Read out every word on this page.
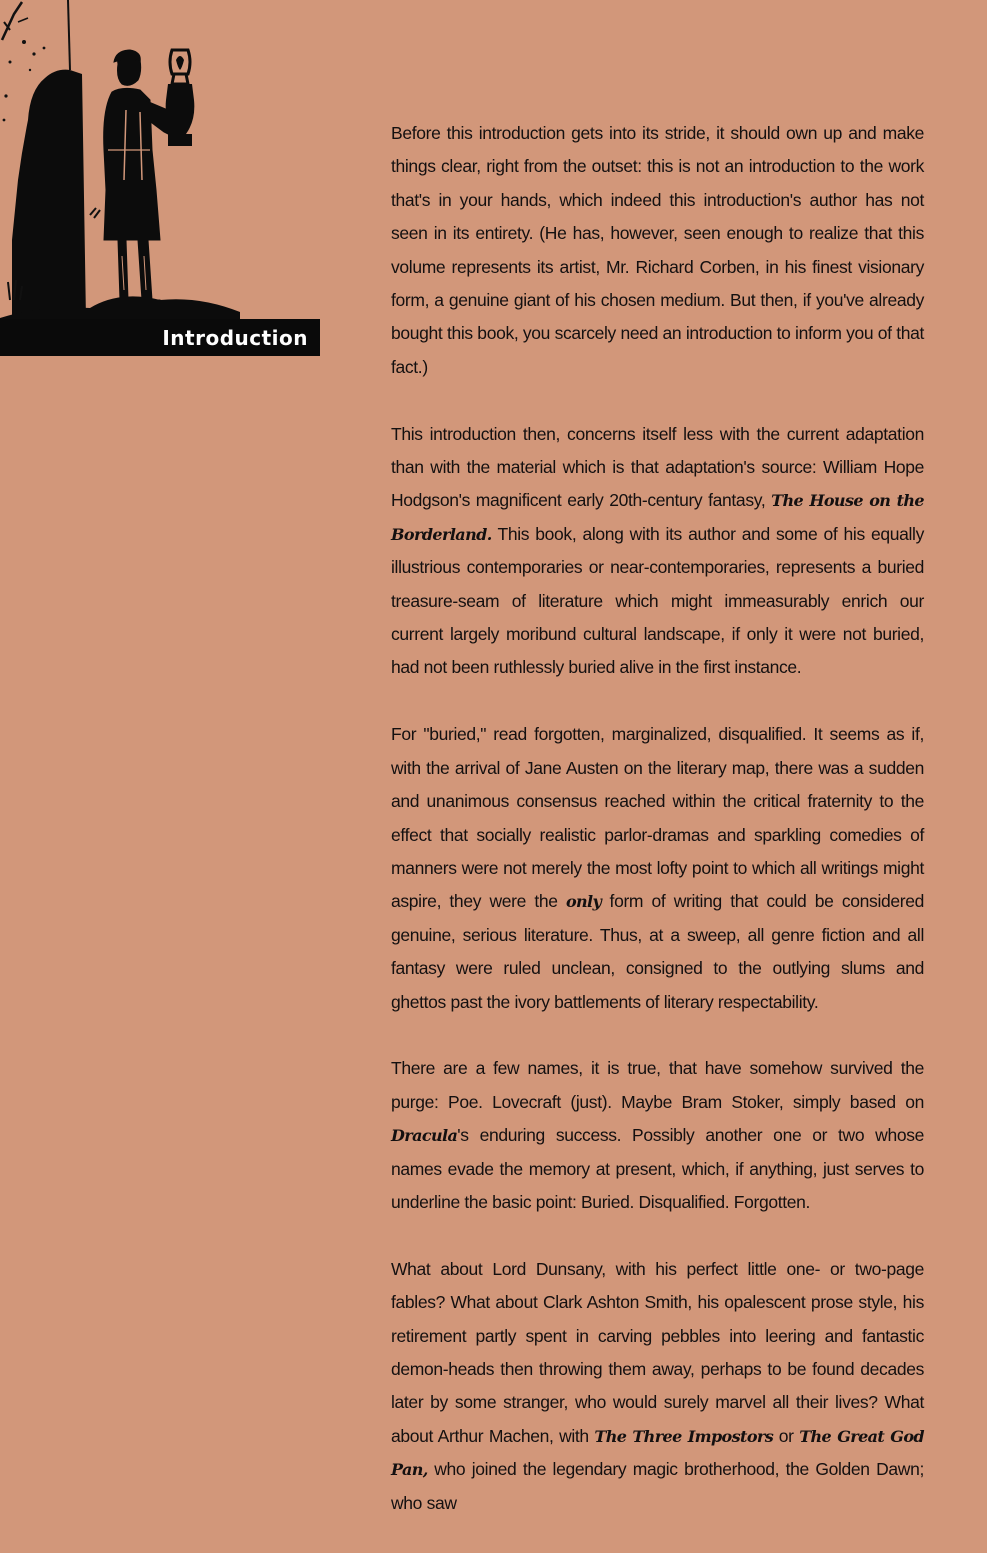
Introduction

Before this introduction gets into its stride, it should own up and make things clear, right from the outset: this is not an introduction to the work that's in your hands, which indeed this introduction's author has not seen in its entirety. (He has, however, seen enough to realize that this volume represents its artist, Mr. Richard Corben, in his finest visionary form, a genuine giant of his chosen medium. But then, if you've already bought this book, you scarcely need an introduction to inform you of that fact.)

This introduction then, concerns itself less with the current adaptation than with the material which is that adaptation's source: William Hope Hodgson's magnificent early 20th-century fantasy, The House on the Borderland. This book, along with its author and some of his equally illustrious contemporaries or near-contemporaries, represents a buried treasure-seam of literature which might immeasurably enrich our current largely moribund cultural landscape, if only it were not buried, had not been ruthlessly buried alive in the first instance.

For "buried," read forgotten, marginalized, disqualified. It seems as if, with the arrival of Jane Austen on the literary map, there was a sudden and unanimous consensus reached within the critical fraternity to the effect that socially realistic parlor-dramas and sparkling comedies of manners were not merely the most lofty point to which all writings might aspire, they were the only form of writing that could be considered genuine, serious literature. Thus, at a sweep, all genre fiction and all fantasy were ruled unclean, consigned to the outlying slums and ghettos past the ivory battlements of literary respectability.

There are a few names, it is true, that have somehow survived the purge: Poe. Lovecraft (just). Maybe Bram Stoker, simply based on Dracula's enduring success. Possibly another one or two whose names evade the memory at present, which, if anything, just serves to underline the basic point: Buried. Disqualified. Forgotten.

What about Lord Dunsany, with his perfect little one- or two-page fables? What about Clark Ashton Smith, his opalescent prose style, his retirement partly spent in carving pebbles into leering and fantastic demon-heads then throwing them away, perhaps to be found decades later by some stranger, who would surely marvel all their lives? What about Arthur Machen, with The Three Impostors or The Great God Pan, who joined the legendary magic brotherhood, the Golden Dawn; who saw
